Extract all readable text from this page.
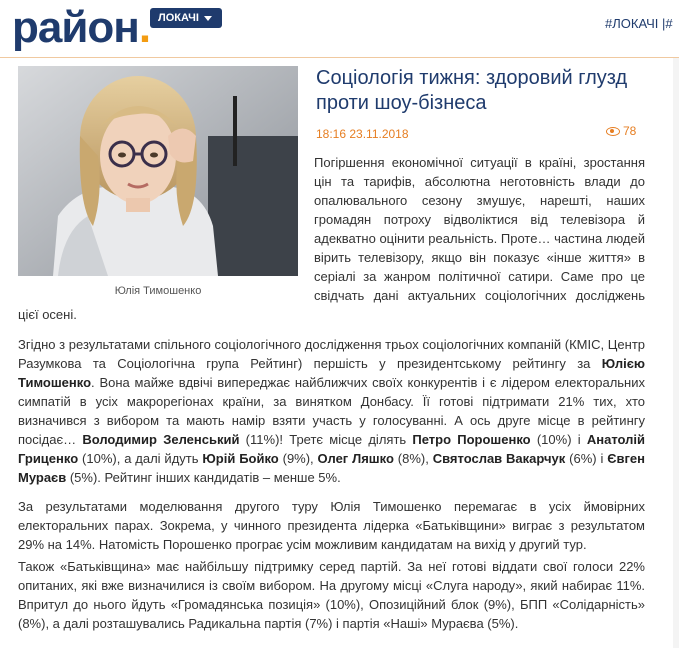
район. ЛОКАЧІ	#ЛОКАЧІ |#
Юлія Тимошенко
Соціологія тижня: здоровий глузд проти шоу-бізнеса
18:16 23.11.2018	78

Погіршення економічної ситуації в країні, зростання цін та тарифів, абсолютна неготовність влади до опалювального сезону змушує, нарешті, наших громадян потроху відволіктися від телевізора й адекватно оцінити реальність. Проте… частина людей вірить телевізору, якщо він показує «інше життя» в серіалі за жанром політичної сатири. Саме про це свідчать дані актуальних соціологічних досліджень цієї осені.

Згідно з результатами спільного соціологічного дослідження трьох соціологічних компаній (КМІС, Центр Разумкова та Соціологічна група Рейтинг) першість у президентському рейтингу за Юлією Тимошенко. Вона майже вдвічі випереджає найближчих своїх конкурентів і є лідером електоральних симпатій в усіх макрорегіонах країни, за винятком Донбасу. Її готові підтримати 21% тих, хто визначився з вибором та мають намір взяти участь у голосуванні. А ось друге місце в рейтингу посідає… Володимир Зеленський (11%)! Третє місце ділять Петро Порошенко (10%) і Анатолій Гриценко (10%), а далі йдуть Юрій Бойко (9%), Олег Ляшко (8%), Святослав Вакарчук (6%) і Євген Мураєв (5%). Рейтинг інших кандидатів – менше 5%.
За результатами моделювання другого туру Юлія Тимошенко перемагає в усіх ймовірних електоральних парах. Зокрема, у чинного президента лідерка «Батьківщини» виграє з результатом 29% на 14%. Натомість Порошенко програє усім можливим кандидатам на вихід у другий тур.
Також «Батьківщина» має найбільшу підтримку серед партій. За неї готові віддати свої голоси 22% опитаних, які вже визначилися із своїм вибором. На другому місці «Слуга народу», який набирає 11%. Впритул до нього йдуть «Громадянська позиція» (10%), Опозиційний блок (9%), БПП «Солідарність» (8%), а далі розташувались Радикальна партія (7%) і партія «Наші» Мураєва (5%).
